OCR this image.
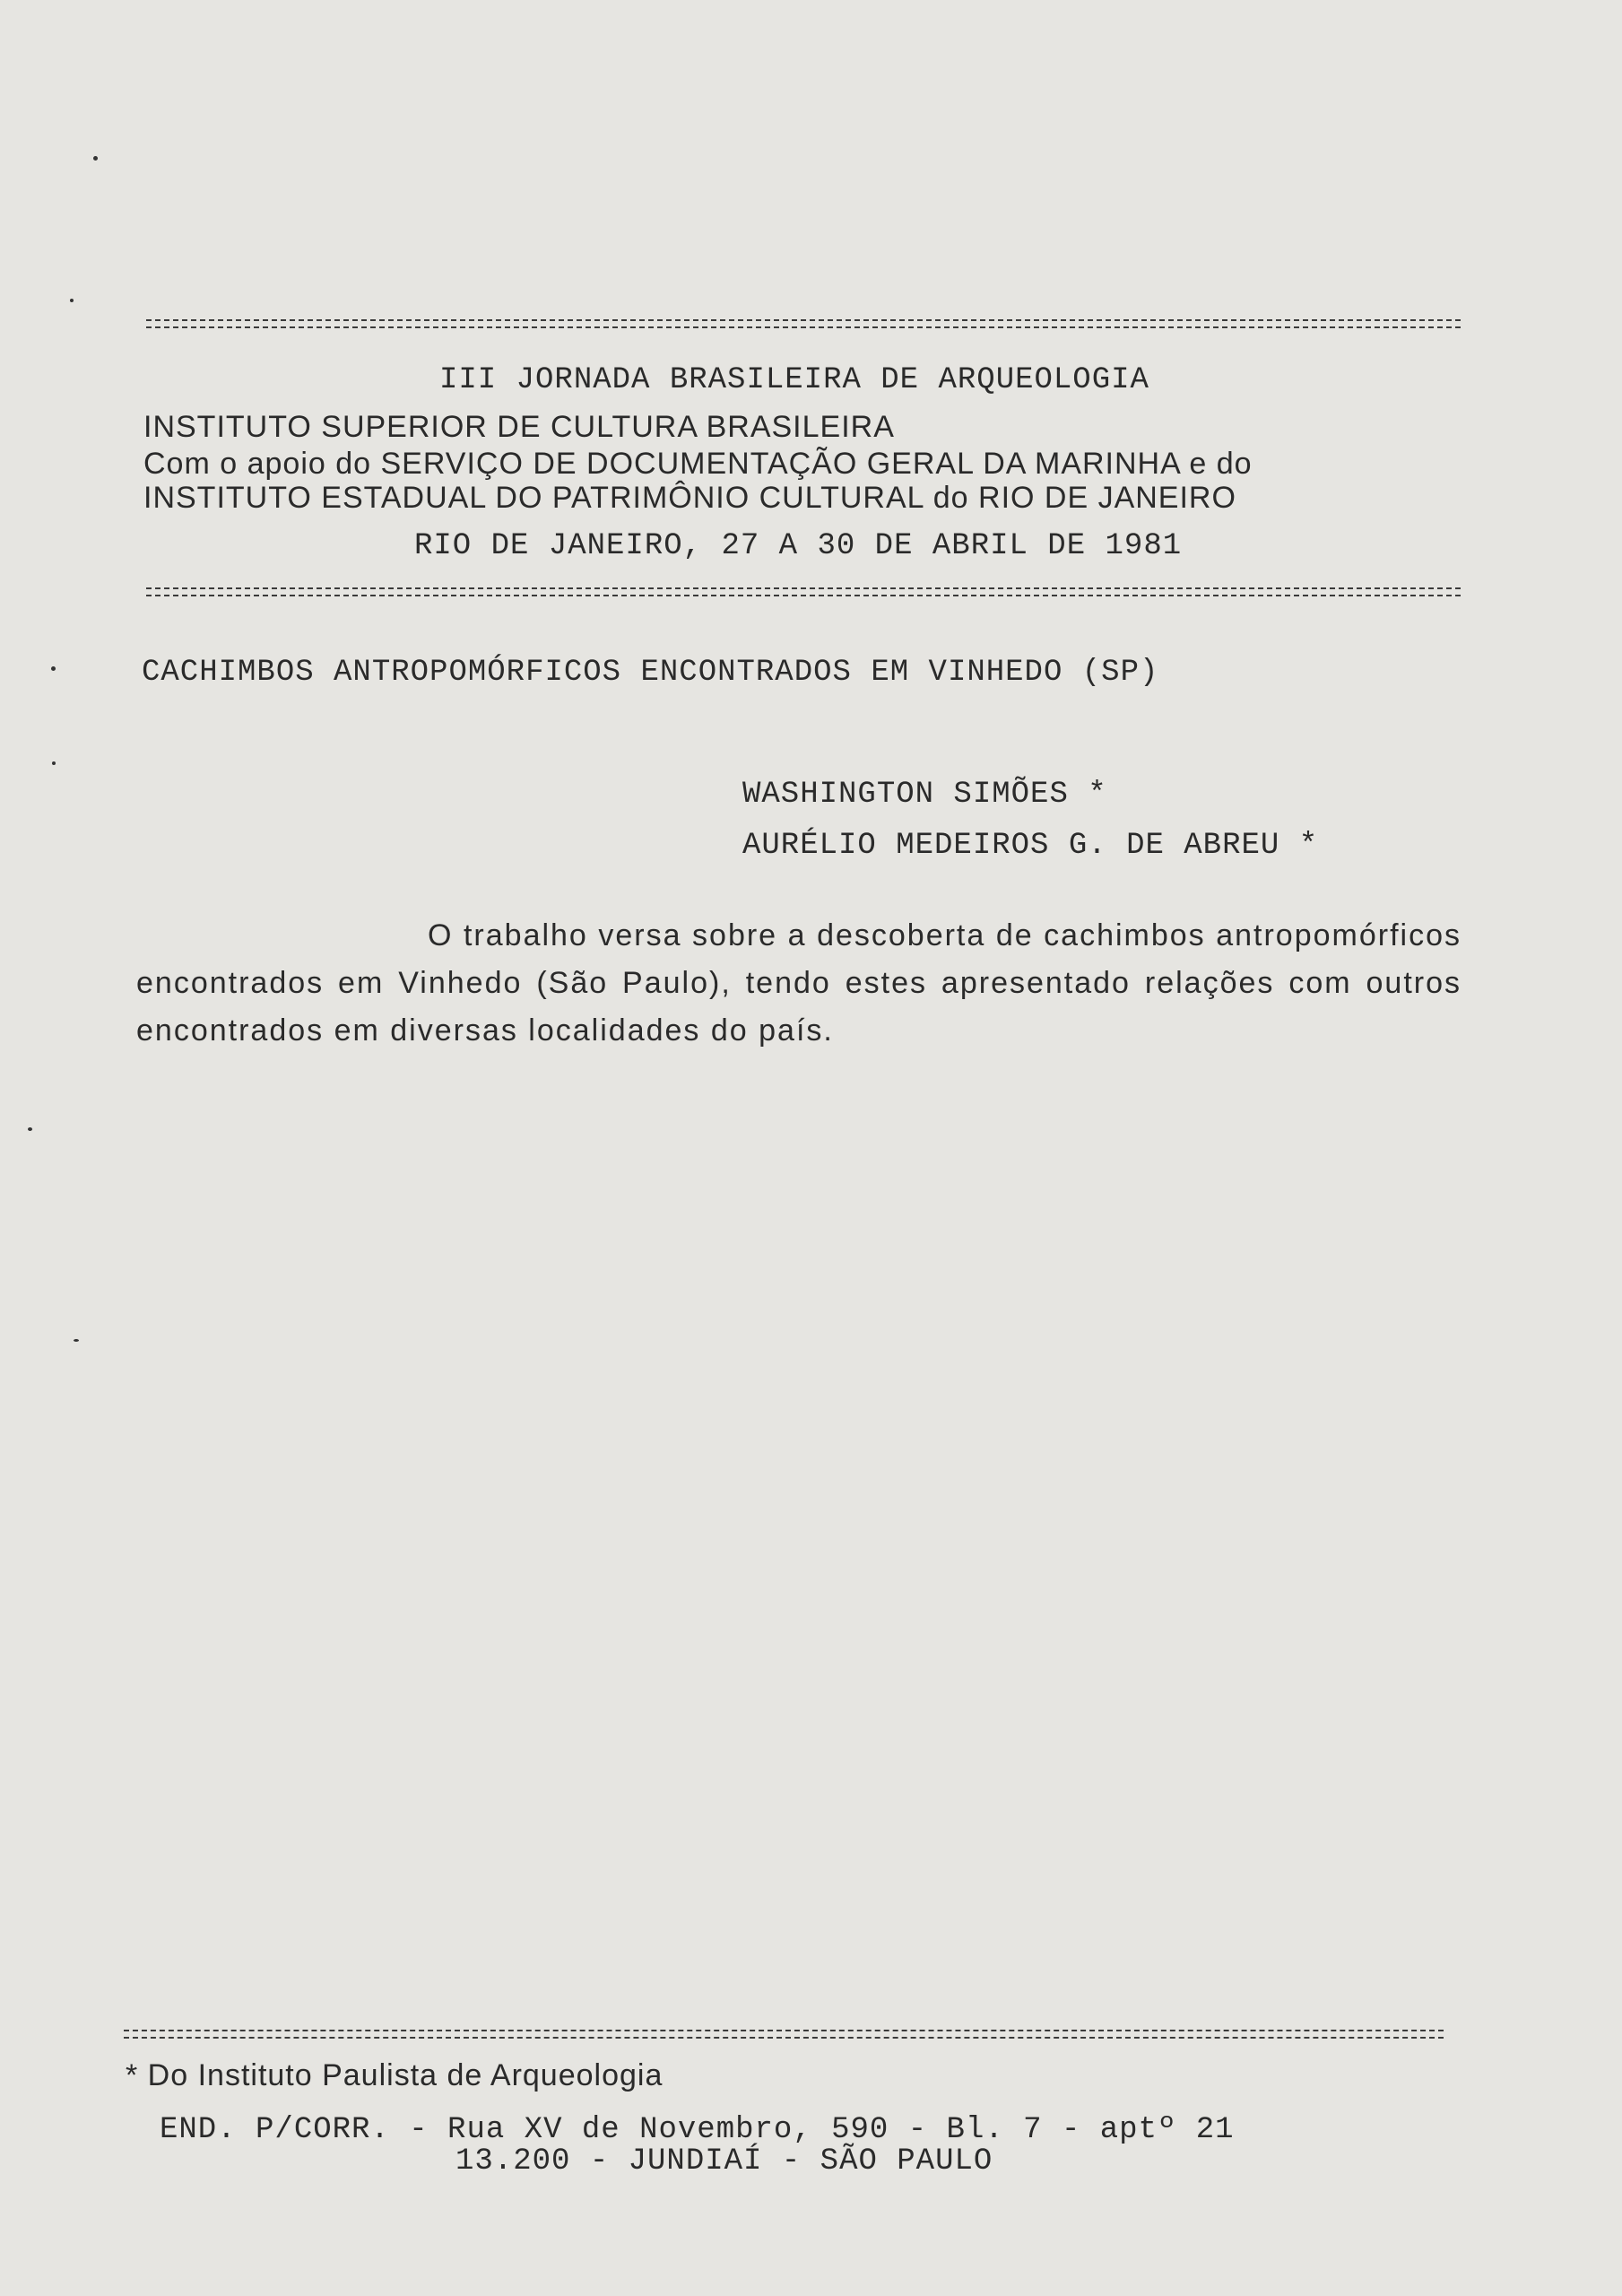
III JORNADA BRASILEIRA DE ARQUEOLOGIA
INSTITUTO SUPERIOR DE CULTURA BRASILEIRA
Com o apoio do SERVIÇO DE DOCUMENTAÇÃO GERAL DA MARINHA e do
INSTITUTO ESTADUAL DO PATRIMÔNIO CULTURAL do RIO DE JANEIRO
RIO DE JANEIRO, 27 A 30 DE ABRIL DE 1981
CACHIMBOS ANTROPOMÓRFICOS ENCONTRADOS EM VINHEDO (SP)
WASHINGTON SIMÕES *
AURÉLIO MEDEIROS G. DE ABREU *
O trabalho versa sobre a descoberta de cachimbos antropomórficos encontrados em Vinhedo (São Paulo), tendo estes apresentado relações com outros encontrados em diversas localidades do país.
* Do Instituto Paulista de Arqueologia
END. P/CORR. - Rua XV de Novembro, 590 - Bl. 7 - aptº 21
13.200 - JUNDIAÍ - SÃO PAULO
